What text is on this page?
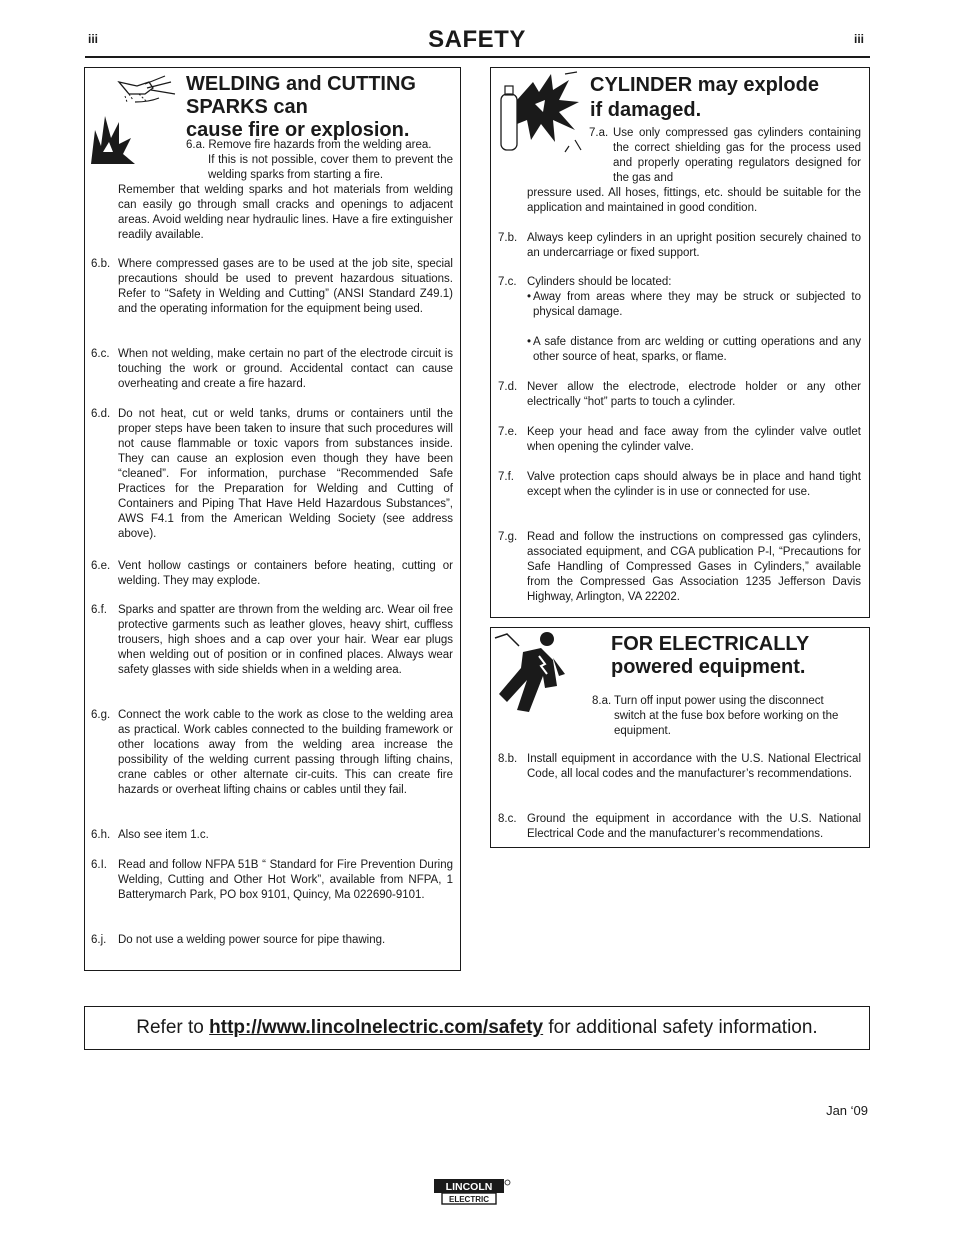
iii	SAFETY	iii
WELDING and CUTTING
SPARKS can
cause fire or explosion.
6.a. Remove fire hazards from the welding area.
If this is not possible, cover them to prevent the welding sparks from starting a fire.
Remember that welding sparks and hot materials from welding can easily go through small cracks and openings to adjacent areas. Avoid welding near hydraulic lines. Have a fire extinguisher readily available.
6.b. Where compressed gases are to be used at the job site, special precautions should be used to prevent hazardous situations. Refer to “Safety in Welding and Cutting” (ANSI Standard Z49.1) and the operating information for the equipment being used.
6.c. When not welding, make certain no part of the electrode circuit is touching the work or ground. Accidental contact can cause overheating and create a fire hazard.
6.d. Do not heat, cut or weld tanks, drums or containers until the proper steps have been taken to insure that such procedures will not cause flammable or toxic vapors from substances inside. They can cause an explosion even though they have been “cleaned”. For information, purchase “Recommended Safe Practices for the Preparation for Welding and Cutting of Containers and Piping That Have Held Hazardous Substances”, AWS F4.1 from the American Welding Society (see address above).
6.e. Vent hollow castings or containers before heating, cutting or welding. They may explode.
6.f. Sparks and spatter are thrown from the welding arc. Wear oil free protective garments such as leather gloves, heavy shirt, cuffless trousers, high shoes and a cap over your hair. Wear ear plugs when welding out of position or in confined places. Always wear safety glasses with side shields when in a welding area.
6.g. Connect the work cable to the work as close to the welding area as practical. Work cables connected to the building framework or other locations away from the welding area increase the possibility of the welding current passing through lifting chains, crane cables or other alternate cir-cuits. This can create fire hazards or overheat lifting chains or cables until they fail.
6.h. Also see item 1.c.
6.I. Read and follow NFPA 51B “ Standard for Fire Prevention During Welding, Cutting and Other Hot Work”, available from NFPA, 1 Batterymarch Park, PO box 9101, Quincy, Ma 022690-9101.
6.j. Do not use a welding power source for pipe thawing.
CYLINDER may explode
if damaged.
7.a. Use only compressed gas cylinders containing the correct shielding gas for the process used and properly operating regulators designed for the gas and
pressure used. All hoses, fittings, etc. should be suitable for the application and maintained in good condition.
7.b. Always keep cylinders in an upright position securely chained to an undercarriage or fixed support.
7.c. Cylinders should be located:
• Away from areas where they may be struck or subjected to physical damage.
• A safe distance from arc welding or cutting operations and any other source of heat, sparks, or flame.
7.d. Never allow the electrode, electrode holder or any other electrically “hot” parts to touch a cylinder.
7.e. Keep your head and face away from the cylinder valve outlet when opening the cylinder valve.
7.f. Valve protection caps should always be in place and hand tight except when the cylinder is in use or connected for use.
7.g. Read and follow the instructions on compressed gas cylinders, associated equipment, and CGA publication P-l, “Precautions for Safe Handling of Compressed Gases in Cylinders,” available from the Compressed Gas Association 1235 Jefferson Davis Highway, Arlington, VA 22202.
FOR ELECTRICALLY
powered equipment.
8.a. Turn off input power using the disconnect switch at the fuse box before working on the equipment.
8.b. Install equipment in accordance with the U.S. National Electrical Code, all local codes and the manufacturer’s recommendations.
8.c. Ground the equipment in accordance with the U.S. National Electrical Code and the manufacturer’s recommendations.
Refer to http://www.lincolnelectric.com/safety for additional safety information.
Jan ‘09
LINCOLN
ELECTRIC
